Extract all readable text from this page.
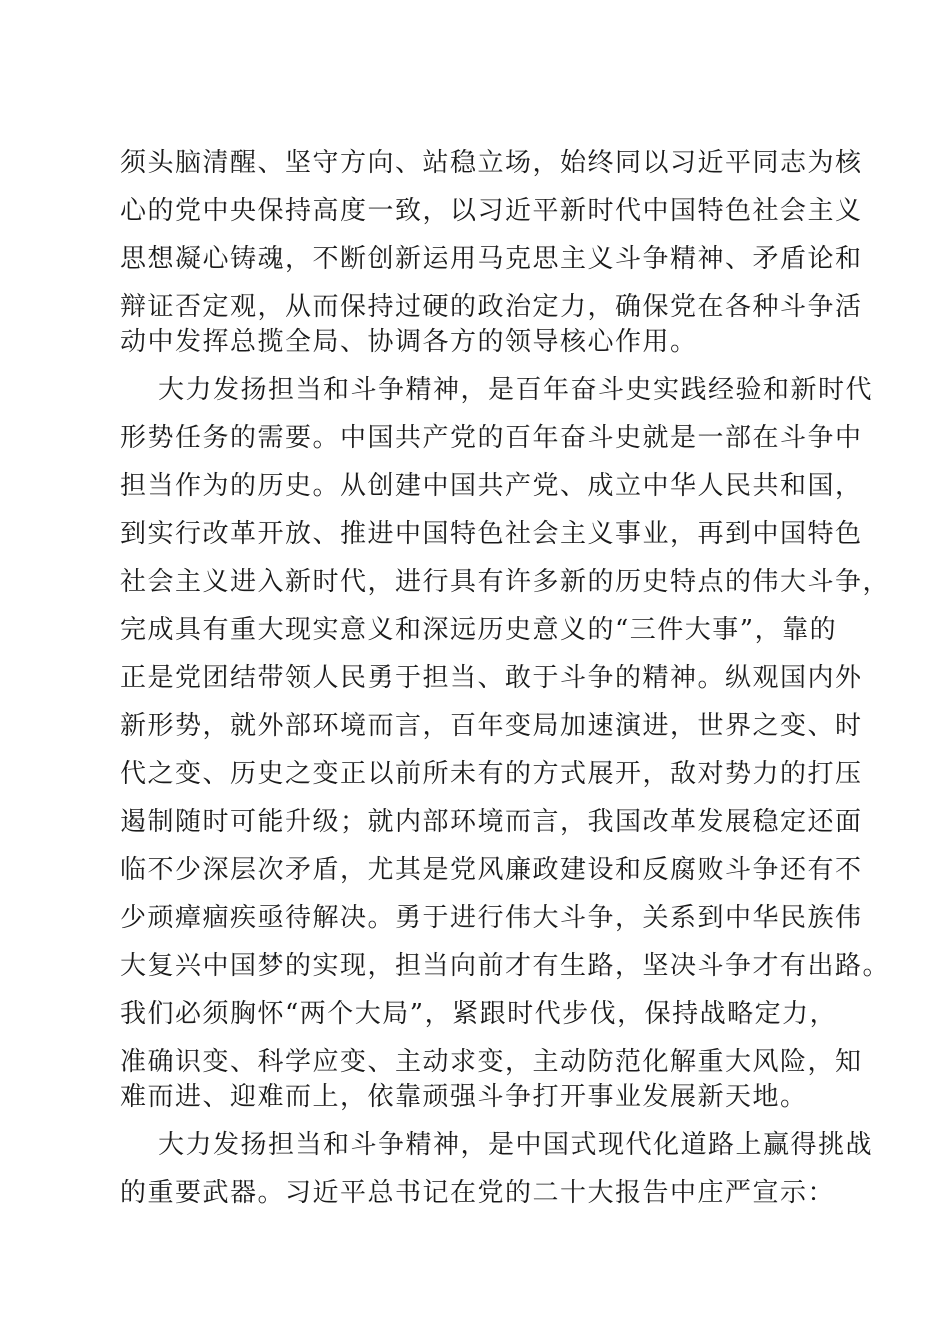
须头脑清醒、坚守方向、站稳立场，始终同以习近平同志为核
心的党中央保持高度一致，以习近平新时代中国特色社会主义
思想凝心铸魂，不断创新运用马克思主义斗争精神、矛盾论和
辩证否定观，从而保持过硬的政治定力，确保党在各种斗争活
动中发挥总揽全局、协调各方的领导核心作用。
大力发扬担当和斗争精神，是百年奋斗史实践经验和新时代
形势任务的需要。中国共产党的百年奋斗史就是一部在斗争中
担当作为的历史。从创建中国共产党、成立中华人民共和国，
到实行改革开放、推进中国特色社会主义事业，再到中国特色
社会主义进入新时代，进行具有许多新的历史特点的伟大斗争，
完成具有重大现实意义和深远历史意义的“三件大事”，靠的
正是党团结带领人民勇于担当、敢于斗争的精神。纵观国内外
新形势，就外部环境而言，百年变局加速演进，世界之变、时
代之变、历史之变正以前所未有的方式展开，敌对势力的打压
遏制随时可能升级；就内部环境而言，我国改革发展稳定还面
临不少深层次矛盾，尤其是党风廉政建设和反腐败斗争还有不
少顽瘴痼疾亟待解决。勇于进行伟大斗争，关系到中华民族伟
大复兴中国梦的实现，担当向前才有生路，坚决斗争才有出路。
我们必须胸怀“两个大局”，紧跟时代步伐，保持战略定力，
准确识变、科学应变、主动求变，主动防范化解重大风险，知
难而进、迎难而上，依靠顽强斗争打开事业发展新天地。
大力发扬担当和斗争精神，是中国式现代化道路上赢得挑战
的重要武器。习近平总书记在党的二十大报告中庄严宣示：
